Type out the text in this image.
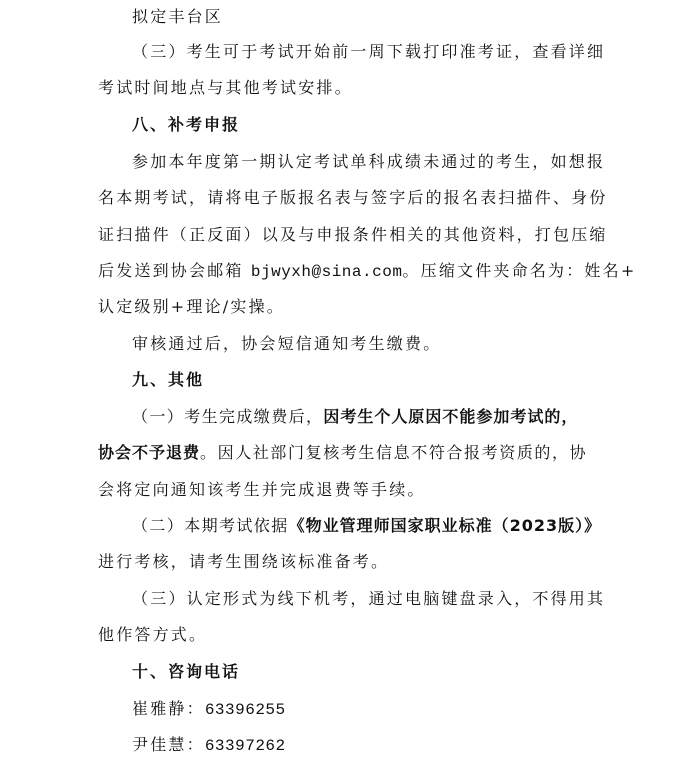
拟定丰台区
（三）考生可于考试开始前一周下载打印准考证，查看详细
考试时间地点与其他考试安排。
八、补考申报
参加本年度第一期认定考试单科成绩未通过的考生，如想报
名本期考试，请将电子版报名表与签字后的报名表扫描件、身份
证扫描件（正反面）以及与申报条件相关的其他资料，打包压缩
后发送到协会邮箱 bjwyxh@sina.com。压缩文件夹命名为：姓名+
认定级别+理论/实操。
审核通过后，协会短信通知考生缴费。
九、其他
（一）考生完成缴费后，因考生个人原因不能参加考试的，
协会不予退费。因人社部门复核考生信息不符合报考资质的，协
会将定向通知该考生并完成退费等手续。
（二）本期考试依据《物业管理师国家职业标准（2023版）》
进行考核，请考生围绕该标准备考。
（三）认定形式为线下机考，通过电脑键盘录入，不得用其
他作答方式。
十、咨询电话
崔雅静：63396255
尹佳慧：63397262
